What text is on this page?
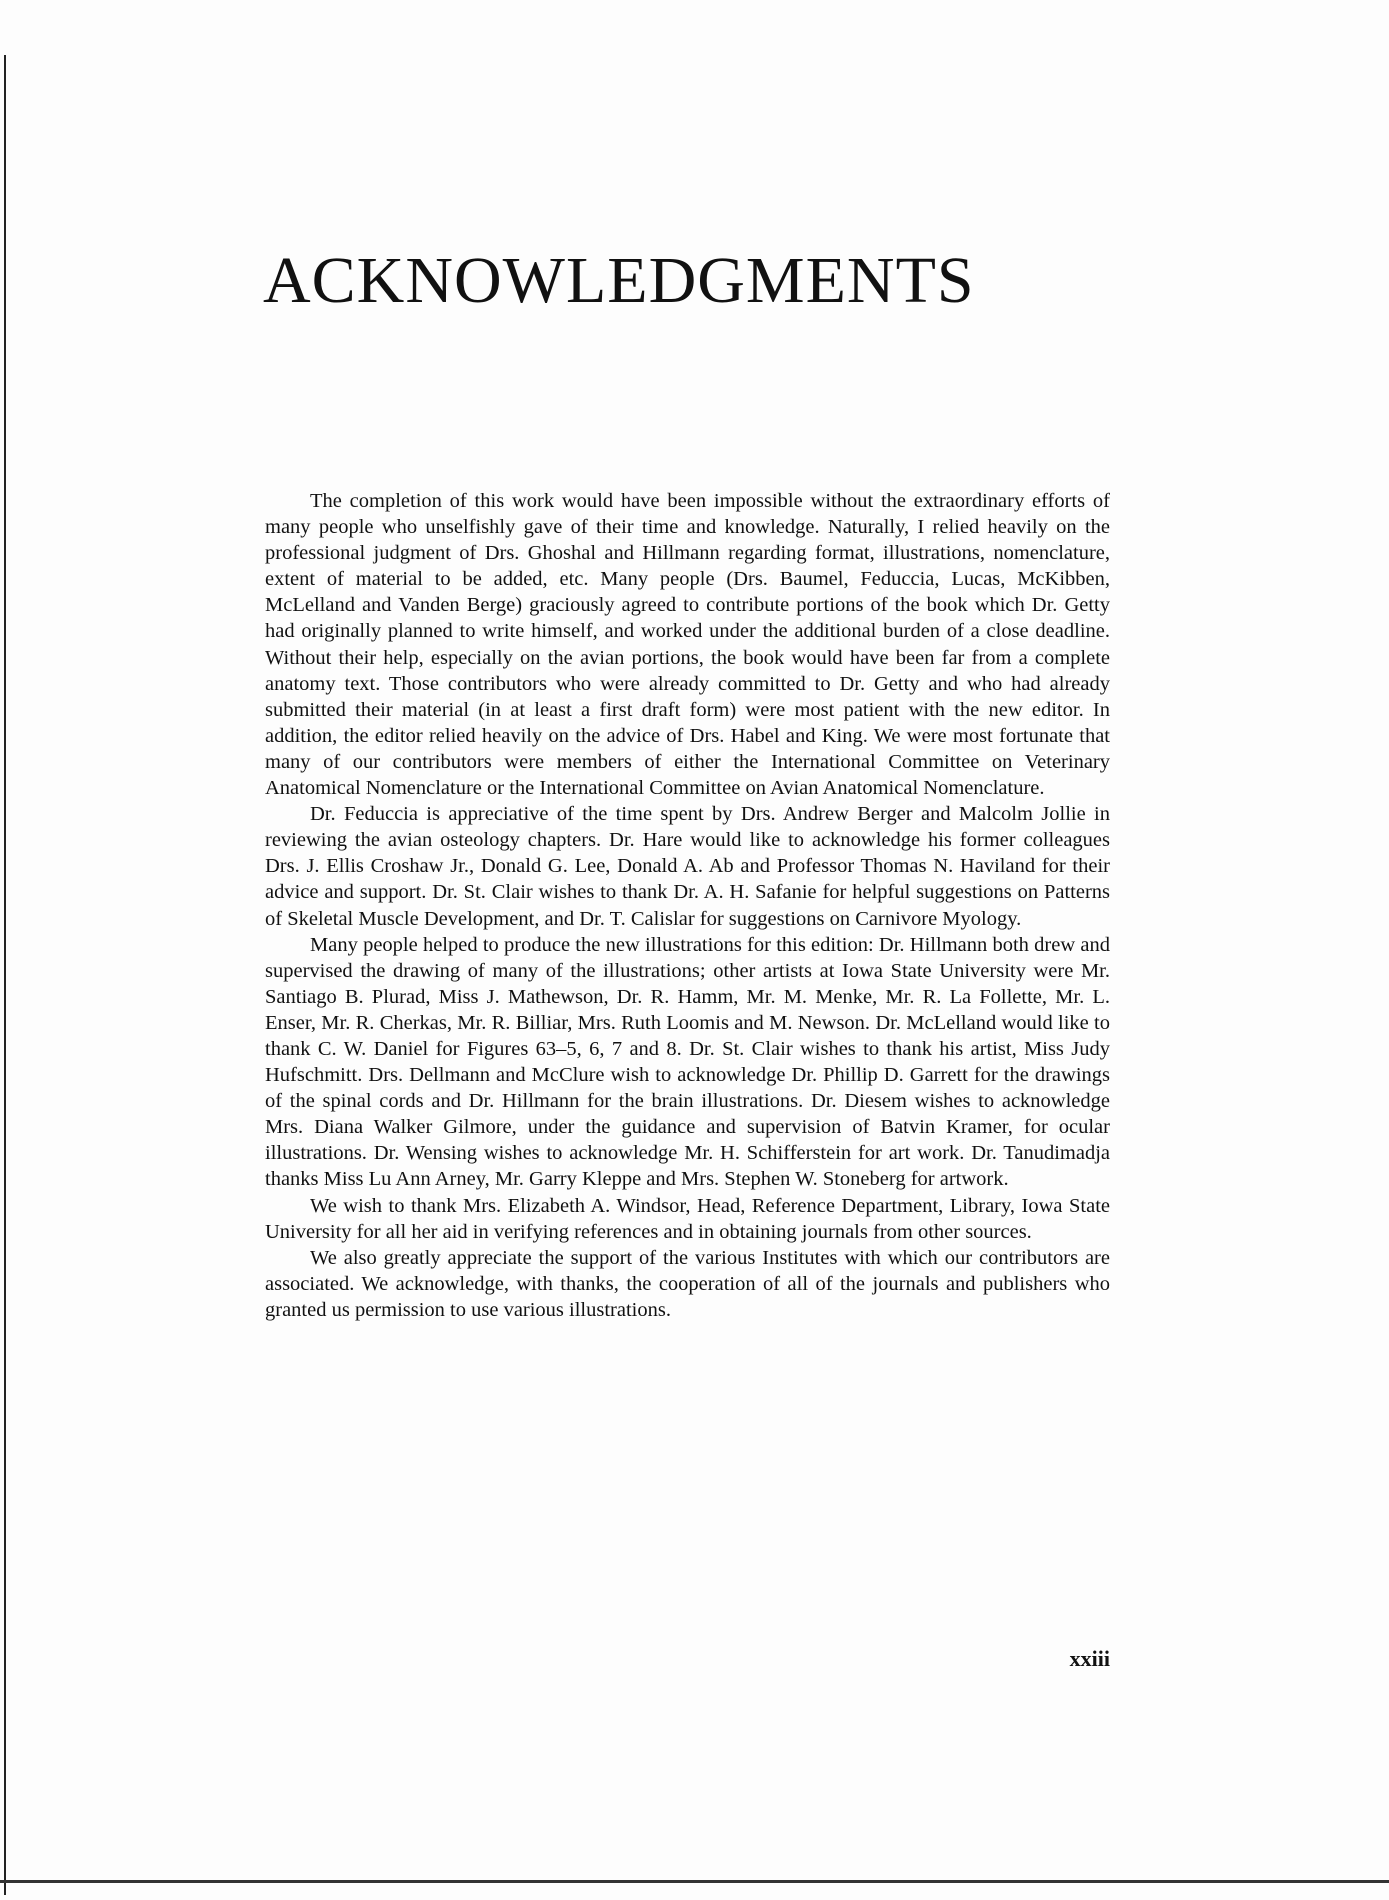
ACKNOWLEDGMENTS

The completion of this work would have been impossible without the extraordinary efforts of many people who unselfishly gave of their time and knowledge. Naturally, I relied heavily on the professional judgment of Drs. Ghoshal and Hillmann regarding format, illustrations, nomenclature, extent of material to be added, etc. Many people (Drs. Baumel, Feduccia, Lucas, McKibben, McLelland and Vanden Berge) graciously agreed to contribute portions of the book which Dr. Getty had originally planned to write himself, and worked under the additional burden of a close deadline. Without their help, especially on the avian portions, the book would have been far from a complete anatomy text. Those contributors who were already committed to Dr. Getty and who had already submitted their material (in at least a first draft form) were most patient with the new editor. In addition, the editor relied heavily on the advice of Drs. Habel and King. We were most fortunate that many of our contributors were members of either the International Committee on Veterinary Anatomical Nomenclature or the International Committee on Avian Anatomical Nomenclature.

Dr. Feduccia is appreciative of the time spent by Drs. Andrew Berger and Malcolm Jollie in reviewing the avian osteology chapters. Dr. Hare would like to acknowledge his former colleagues Drs. J. Ellis Croshaw Jr., Donald G. Lee, Donald A. Ab and Professor Thomas N. Haviland for their advice and support. Dr. St. Clair wishes to thank Dr. A. H. Safanie for helpful suggestions on Patterns of Skeletal Muscle Development, and Dr. T. Calislar for suggestions on Carnivore Myology.

Many people helped to produce the new illustrations for this edition: Dr. Hillmann both drew and supervised the drawing of many of the illustrations; other artists at Iowa State University were Mr. Santiago B. Plurad, Miss J. Mathewson, Dr. R. Hamm, Mr. M. Menke, Mr. R. La Follette, Mr. L. Enser, Mr. R. Cherkas, Mr. R. Billiar, Mrs. Ruth Loomis and M. Newson. Dr. McLelland would like to thank C. W. Daniel for Figures 63–5, 6, 7 and 8. Dr. St. Clair wishes to thank his artist, Miss Judy Hufschmitt. Drs. Dellmann and McClure wish to acknowledge Dr. Phillip D. Garrett for the drawings of the spinal cords and Dr. Hillmann for the brain illustrations. Dr. Diesem wishes to acknowledge Mrs. Diana Walker Gilmore, under the guidance and supervision of Batvin Kramer, for ocular illustrations. Dr. Wensing wishes to acknowledge Mr. H. Schifferstein for art work. Dr. Tanudimadja thanks Miss Lu Ann Arney, Mr. Garry Kleppe and Mrs. Stephen W. Stoneberg for artwork.

We wish to thank Mrs. Elizabeth A. Windsor, Head, Reference Department, Library, Iowa State University for all her aid in verifying references and in obtaining journals from other sources.

We also greatly appreciate the support of the various Institutes with which our contributors are associated. We acknowledge, with thanks, the cooperation of all of the journals and publishers who granted us permission to use various illustrations.

xxiii
